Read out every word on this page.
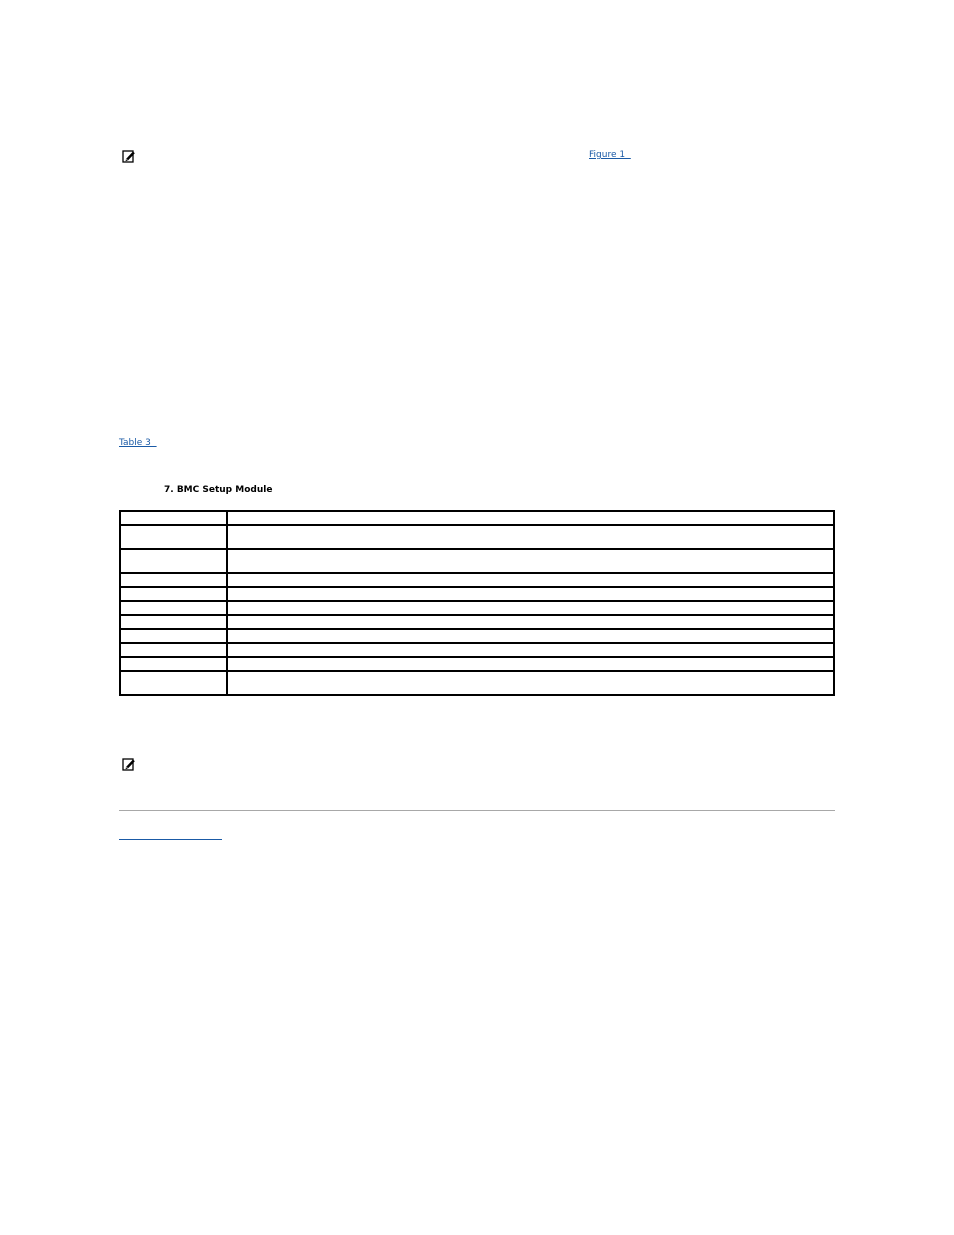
Figure 1
Table 3
7. BMC Setup Module
